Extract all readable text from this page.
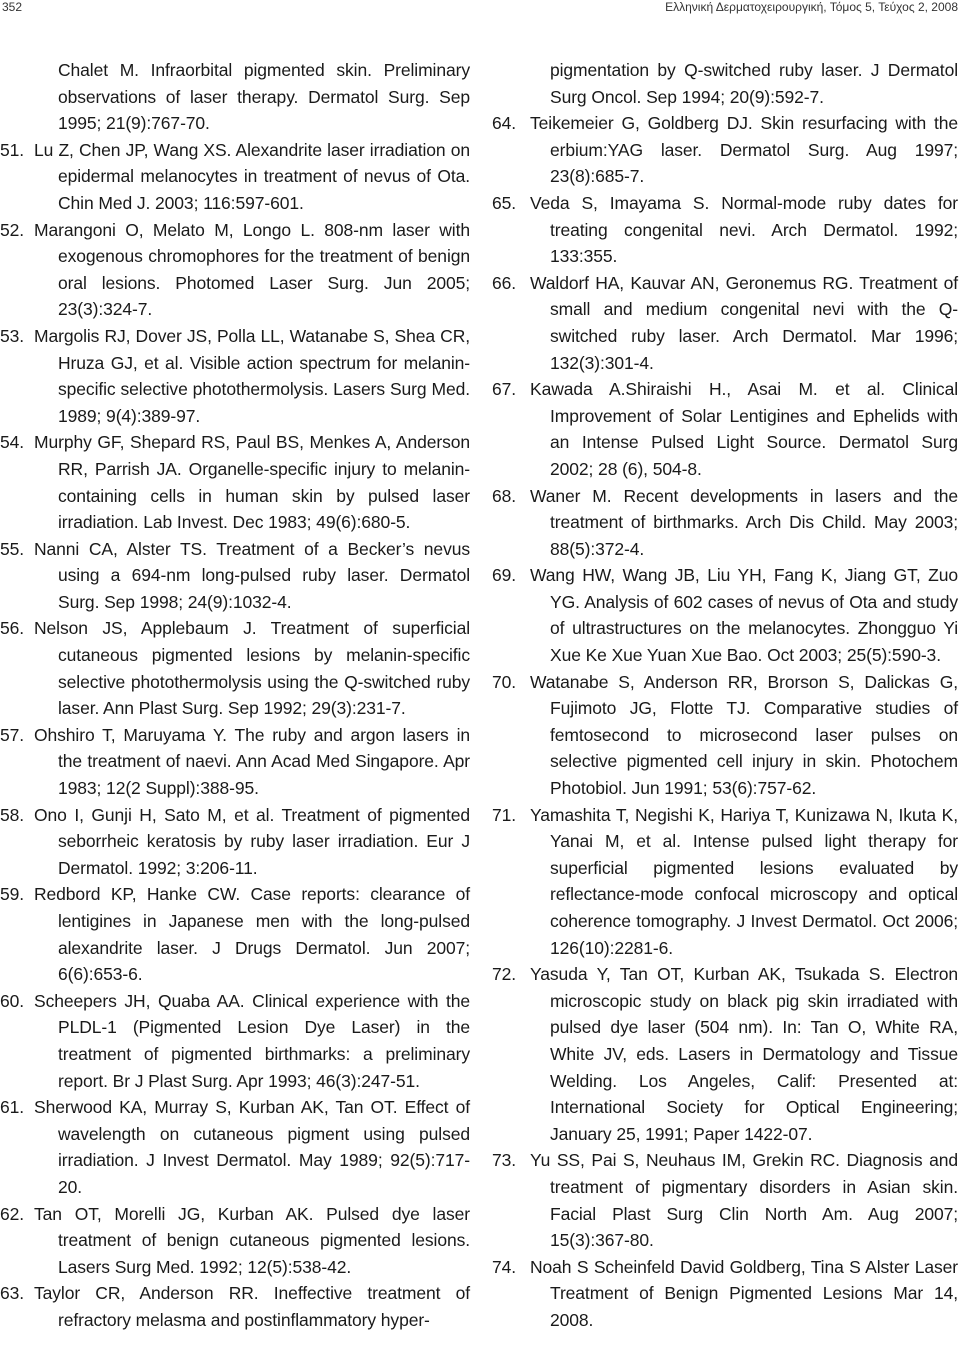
352	Ελληνική Δερματοχειρουργική, Τόμος 5, Τεύχος 2, 2008

Chalet M. Infraorbital pigmented skin. Preliminary observations of laser therapy. Dermatol Surg. Sep 1995; 21(9):767-70.

51. Lu Z, Chen JP, Wang XS. Alexandrite laser irradiation on epidermal melanocytes in treatment of nevus of Ota. Chin Med J. 2003; 116:597-601.

52. Marangoni O, Melato M, Longo L. 808-nm laser with exogenous chromophores for the treatment of benign oral lesions. Photomed Laser Surg. Jun 2005; 23(3):324-7.

53. Margolis RJ, Dover JS, Polla LL, Watanabe S, Shea CR, Hruza GJ, et al. Visible action spectrum for melanin-specific selective photothermolysis. Lasers Surg Med. 1989; 9(4):389-97.

54. Murphy GF, Shepard RS, Paul BS, Menkes A, Anderson RR, Parrish JA. Organelle-specific injury to melanin-containing cells in human skin by pulsed laser irradiation. Lab Invest. Dec 1983; 49(6):680-5.

55. Nanni CA, Alster TS. Treatment of a Becker’s nevus using a 694-nm long-pulsed ruby laser. Dermatol Surg. Sep 1998; 24(9):1032-4.

56. Nelson JS, Applebaum J. Treatment of superficial cutaneous pigmented lesions by melanin-specific selective photothermolysis using the Q-switched ruby laser. Ann Plast Surg. Sep 1992; 29(3):231-7.

57. Ohshiro T, Maruyama Y. The ruby and argon lasers in the treatment of naevi. Ann Acad Med Singapore. Apr 1983; 12(2 Suppl):388-95.

58. Ono I, Gunji H, Sato M, et al. Treatment of pigmented seborrheic keratosis by ruby laser irradiation. Eur J Dermatol. 1992; 3:206-11.

59. Redbord KP, Hanke CW. Case reports: clearance of lentigines in Japanese men with the long-pulsed alexandrite laser. J Drugs Dermatol. Jun 2007; 6(6):653-6.

60. Scheepers JH, Quaba AA. Clinical experience with the PLDL-1 (Pigmented Lesion Dye Laser) in the treatment of pigmented birthmarks: a preliminary report. Br J Plast Surg. Apr 1993; 46(3):247-51.

61. Sherwood KA, Murray S, Kurban AK, Tan OT. Effect of wavelength on cutaneous pigment using pulsed irradiation. J Invest Dermatol. May 1989; 92(5):717-20.

62. Tan OT, Morelli JG, Kurban AK. Pulsed dye laser treatment of benign cutaneous pigmented lesions. Lasers Surg Med. 1992; 12(5):538-42.

63. Taylor CR, Anderson RR. Ineffective treatment of refractory melasma and postinflammatory hyper-

pigmentation by Q-switched ruby laser. J Dermatol Surg Oncol. Sep 1994; 20(9):592-7.

64. Teikemeier G, Goldberg DJ. Skin resurfacing with the erbium:YAG laser. Dermatol Surg. Aug 1997; 23(8):685-7.

65. Veda S, Imayama S. Normal-mode ruby dates for treating congenital nevi. Arch Dermatol. 1992; 133:355.

66. Waldorf HA, Kauvar AN, Geronemus RG. Treatment of small and medium congenital nevi with the Q-switched ruby laser. Arch Dermatol. Mar 1996; 132(3):301-4.

67. Kawada A.Shiraishi H., Asai M. et al. Clinical Improvement of Solar Lentigines and Ephelids with an Intense Pulsed Light Source. Dermatol Surg 2002; 28 (6), 504-8.

68. Waner M. Recent developments in lasers and the treatment of birthmarks. Arch Dis Child. May 2003; 88(5):372-4.

69. Wang HW, Wang JB, Liu YH, Fang K, Jiang GT, Zuo YG. Analysis of 602 cases of nevus of Ota and study of ultrastructures on the melanocytes. Zhongguo Yi Xue Ke Xue Yuan Xue Bao. Oct 2003; 25(5):590-3.

70. Watanabe S, Anderson RR, Brorson S, Dalickas G, Fujimoto JG, Flotte TJ. Comparative studies of femtosecond to microsecond laser pulses on selective pigmented cell injury in skin. Photochem Photobiol. Jun 1991; 53(6):757-62.

71. Yamashita T, Negishi K, Hariya T, Kunizawa N, Ikuta K, Yanai M, et al. Intense pulsed light therapy for superficial pigmented lesions evaluated by reflectance-mode confocal microscopy and optical coherence tomography. J Invest Dermatol. Oct 2006; 126(10):2281-6.

72. Yasuda Y, Tan OT, Kurban AK, Tsukada S. Electron microscopic study on black pig skin irradiated with pulsed dye laser (504 nm). In: Tan O, White RA, White JV, eds. Lasers in Dermatology and Tissue Welding. Los Angeles, Calif: Presented at: International Society for Optical Engineering; January 25, 1991; Paper 1422-07.

73. Yu SS, Pai S, Neuhaus IM, Grekin RC. Diagnosis and treatment of pigmentary disorders in Asian skin. Facial Plast Surg Clin North Am. Aug 2007; 15(3):367-80.

74. Noah S Scheinfeld David Goldberg, Tina S Alster Laser Treatment of Benign Pigmented Lesions Mar 14, 2008.
